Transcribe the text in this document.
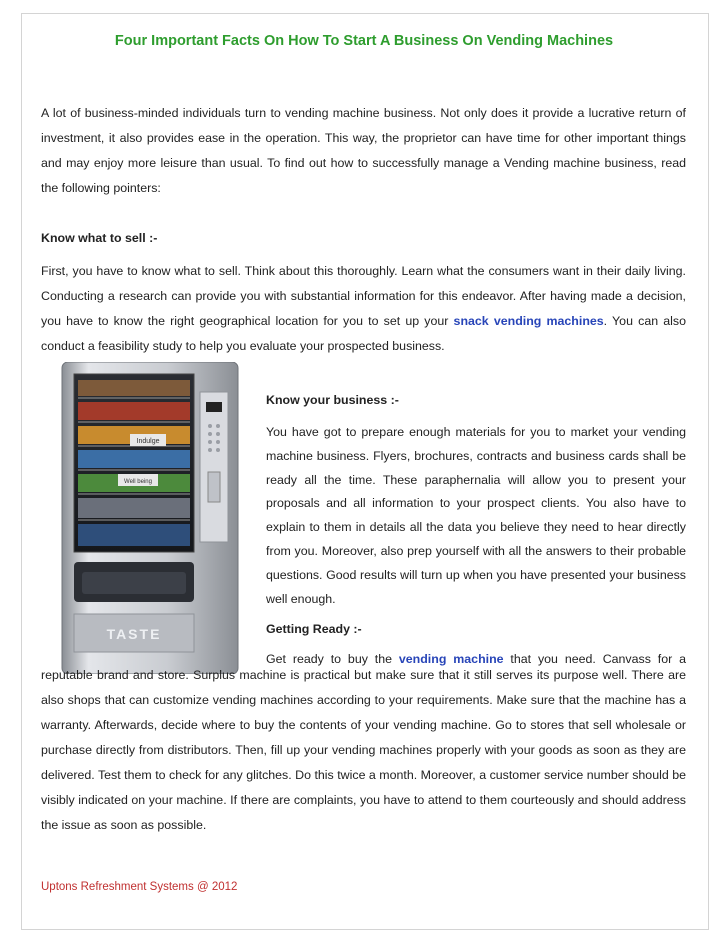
Four Important Facts On How To Start A Business On Vending Machines

A lot of business-minded individuals turn to vending machine business. Not only does it provide a lucrative return of investment, it also provides ease in the operation. This way, the proprietor can have time for other important things and may enjoy more leisure than usual. To find out how to successfully manage a Vending machine business, read the following pointers:

Know what to sell :-

First, you have to know what to sell. Think about this thoroughly. Learn what the consumers want in their daily living. Conducting a research can provide you with substantial information for this endeavor. After having made a decision, you have to know the right geographical location for you to set up your snack vending machines. You can also conduct a feasibility study to help you evaluate your prospected business.

Indulge
Well being
TASTE

Know your business :-

You have got to prepare enough materials for you to market your vending machine business. Flyers, brochures, contracts and business cards shall be ready all the time. These paraphernalia will allow you to present your proposals and all information to your prospect clients. You also have to explain to them in details all the data you believe they need to hear directly from you. Moreover, also prep yourself with all the answers to their probable questions. Good results will turn up when you have presented your business well enough.

Getting Ready :-

Get ready to buy the vending machine that you need. Canvass for a

reputable brand and store. Surplus machine is practical but make sure that it still serves its purpose well. There are also shops that can customize vending machines according to your requirements. Make sure that the machine has a warranty. Afterwards, decide where to buy the contents of your vending machine. Go to stores that sell wholesale or purchase directly from distributors. Then, fill up your vending machines properly with your goods as soon as they are delivered. Test them to check for any glitches. Do this twice a month. Moreover, a customer service number should be visibly indicated on your machine. If there are complaints, you have to attend to them courteously and should address the issue as soon as possible.

Uptons Refreshment Systems @ 2012
